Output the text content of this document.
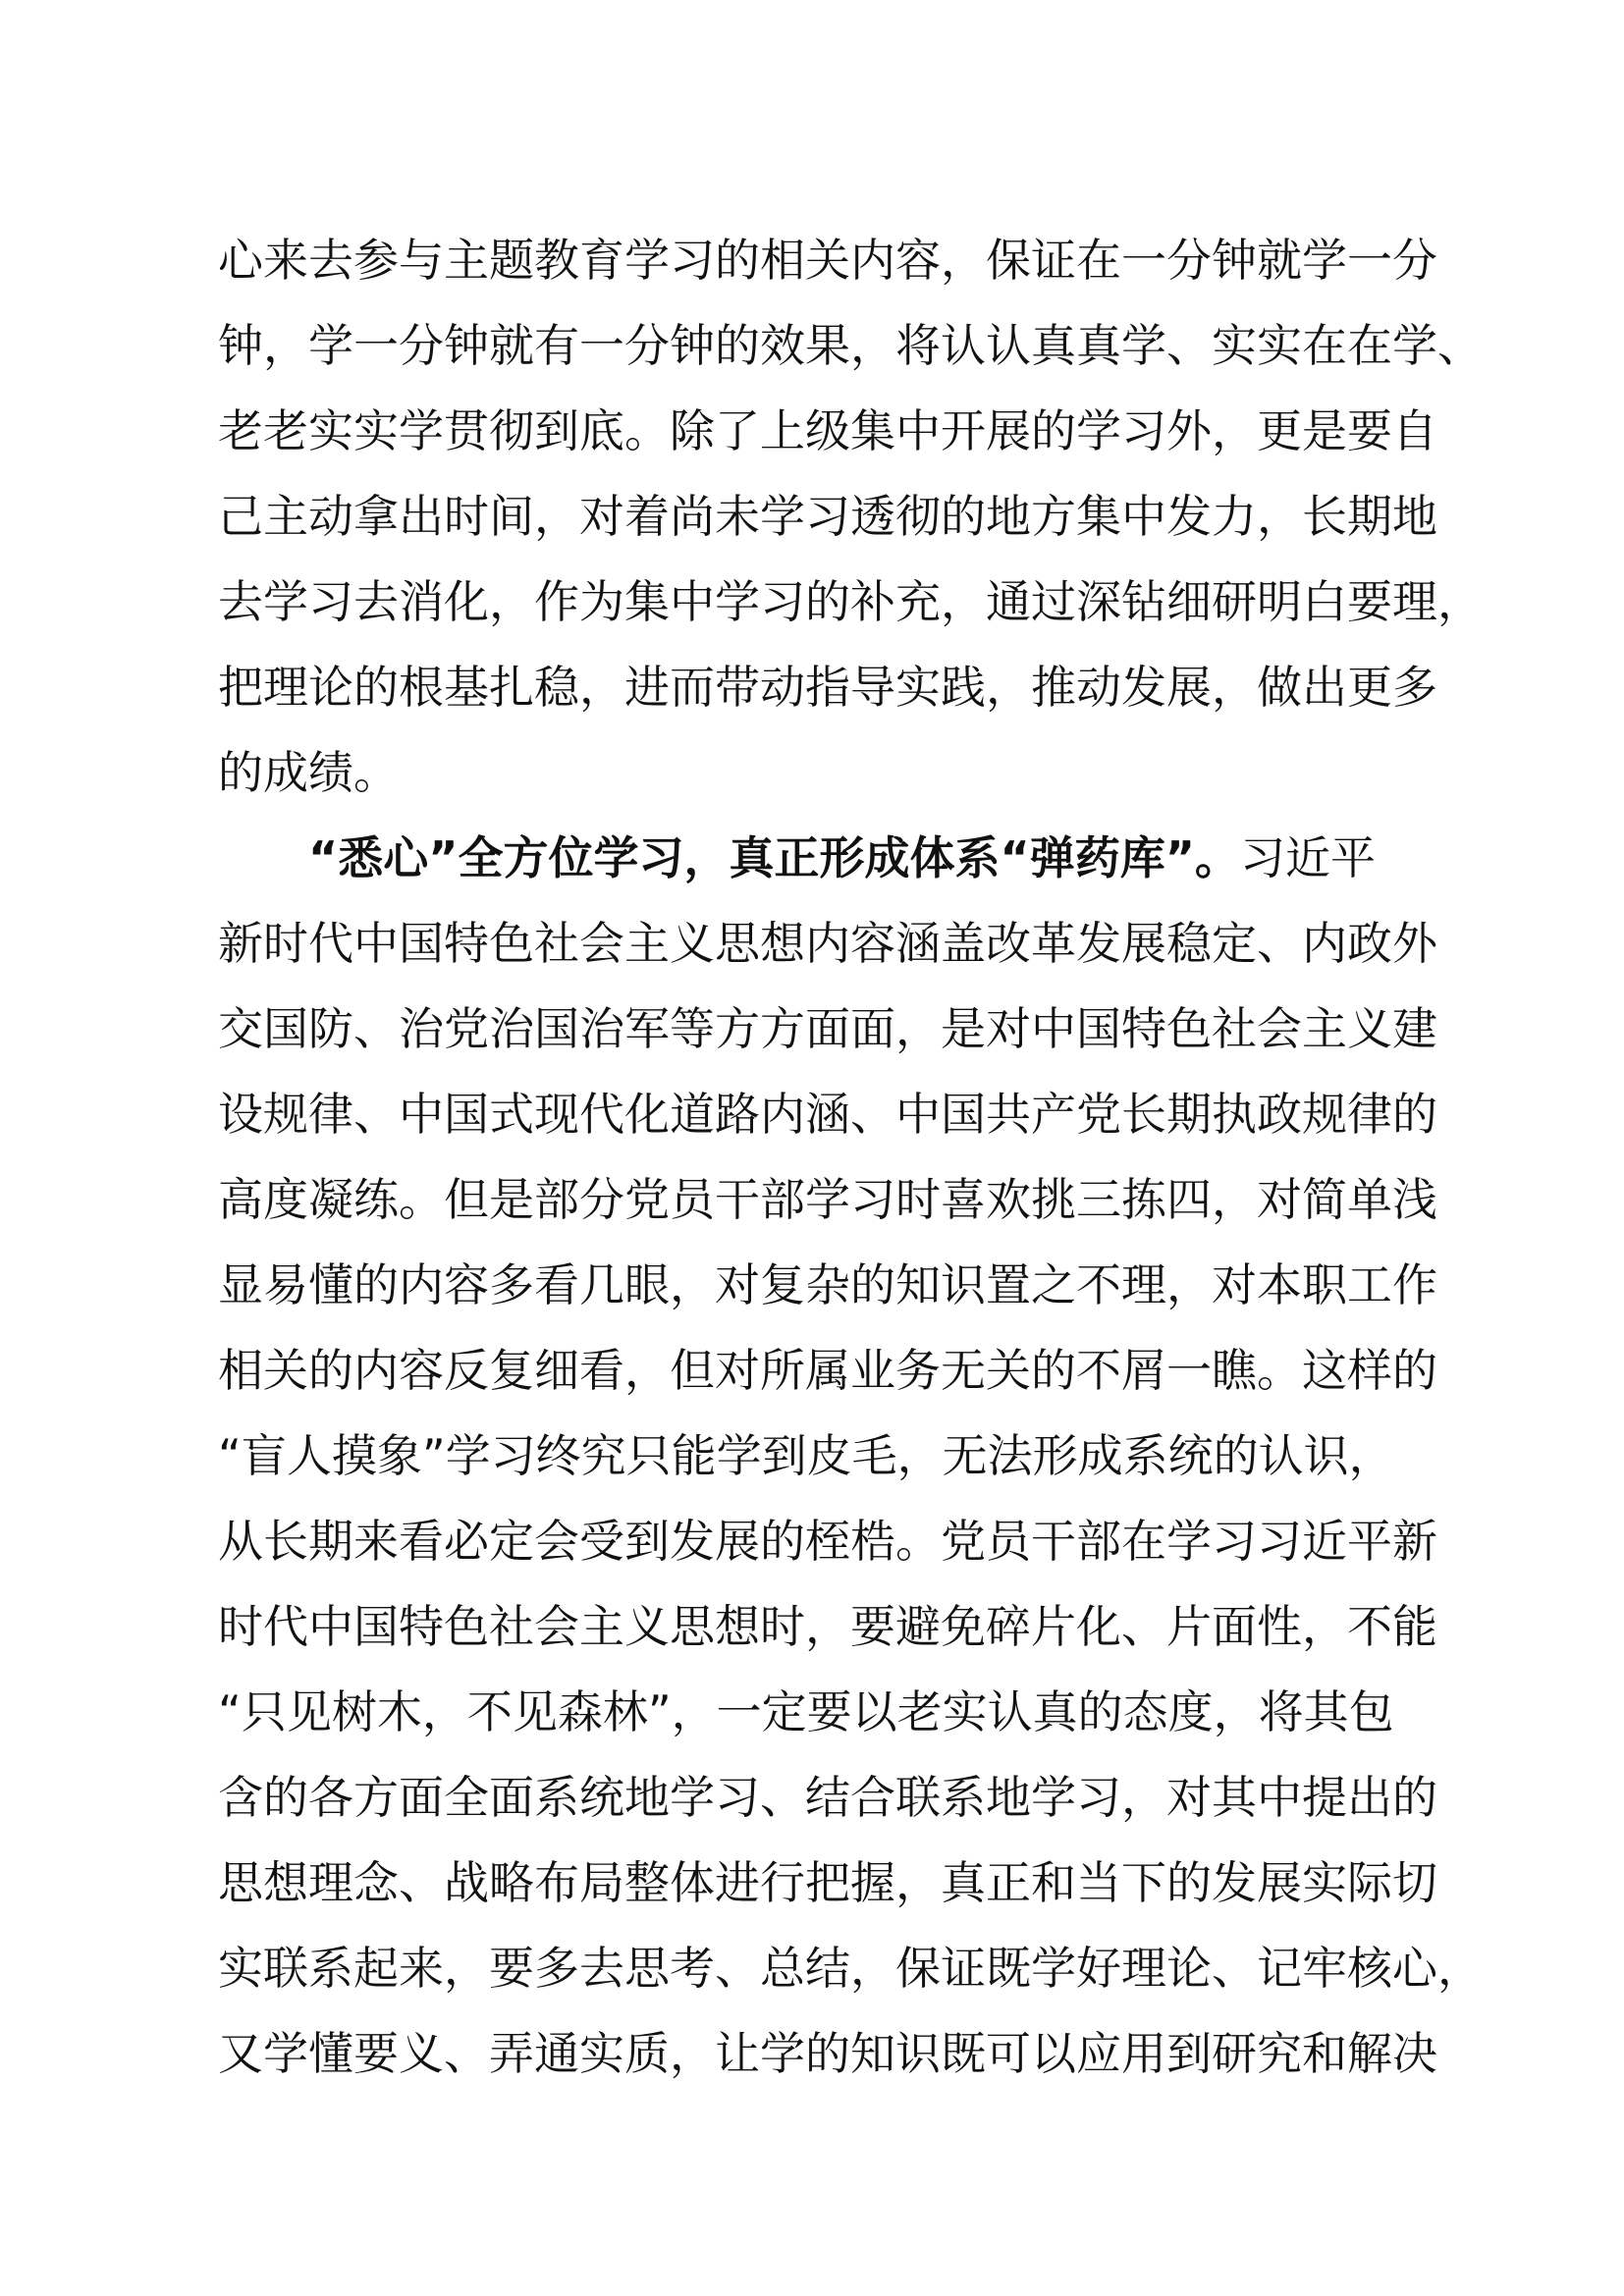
心来去参与主题教育学习的相关内容，保证在一分钟就学一分
钟，学一分钟就有一分钟的效果，将认认真真学、实实在在学、
老老实实学贯彻到底。除了上级集中开展的学习外，更是要自
己主动拿出时间，对着尚未学习透彻的地方集中发力，长期地
去学习去消化，作为集中学习的补充，通过深钻细研明白要理，
把理论的根基扎稳，进而带动指导实践，推动发展，做出更多
的成绩。
“悉心”全方位学习，真正形成体系“弹药库”。习近平
新时代中国特色社会主义思想内容涵盖改革发展稳定、内政外
交国防、治党治国治军等方方面面，是对中国特色社会主义建
设规律、中国式现代化道路内涵、中国共产党长期执政规律的
高度凝练。但是部分党员干部学习时喜欢挑三拣四，对简单浅
显易懂的内容多看几眼，对复杂的知识置之不理，对本职工作
相关的内容反复细看，但对所属业务无关的不屑一瞧。这样的
“盲人摸象”学习终究只能学到皮毛，无法形成系统的认识，
从长期来看必定会受到发展的桎梏。党员干部在学习习近平新
时代中国特色社会主义思想时，要避免碎片化、片面性，不能
“只见树木，不见森林”，一定要以老实认真的态度，将其包
含的各方面全面系统地学习、结合联系地学习，对其中提出的
思想理念、战略布局整体进行把握，真正和当下的发展实际切
实联系起来，要多去思考、总结，保证既学好理论、记牢核心，
又学懂要义、弄通实质，让学的知识既可以应用到研究和解决
